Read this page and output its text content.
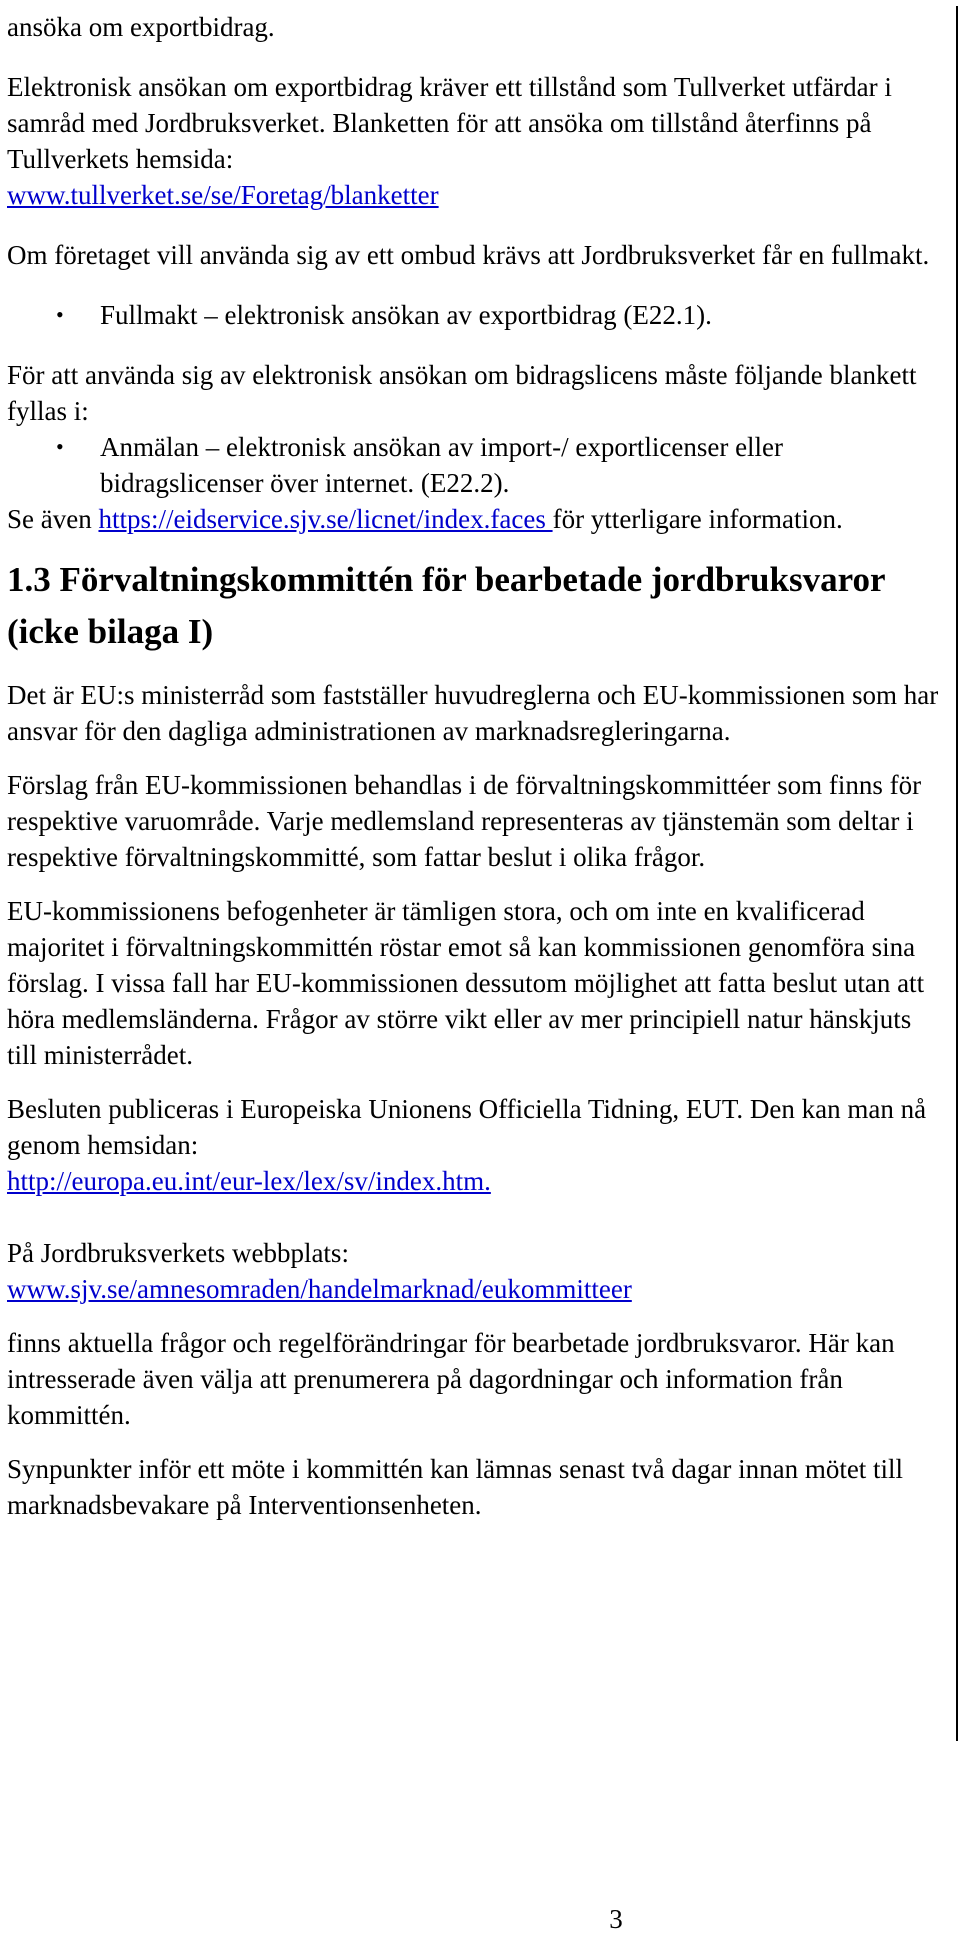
ansöka om exportbidrag.

Elektronisk ansökan om exportbidrag kräver ett tillstånd som Tullverket utfärdar i samråd med Jordbruksverket. Blanketten för att ansöka om tillstånd återfinns på Tullverkets hemsida:
www.tullverket.se/se/Foretag/blanketter

Om företaget vill använda sig av ett ombud krävs att Jordbruksverket får en fullmakt.

• Fullmakt – elektronisk ansökan av exportbidrag (E22.1).

För att använda sig av elektronisk ansökan om bidragslicens måste följande blankett fyllas i:

• Anmälan – elektronisk ansökan av import-/ exportlicenser eller bidragslicenser över internet. (E22.2).

Se även https://eidservice.sjv.se/licnet/index.faces för ytterligare information.

1.3 Förvaltningskommittén för bearbetade jordbruksvaror (icke bilaga I)

Det är EU:s ministerråd som fastställer huvudreglerna och EU-kommissionen som har ansvar för den dagliga administrationen av marknadsregleringarna.

Förslag från EU-kommissionen behandlas i de förvaltningskommittéer som finns för respektive varuområde. Varje medlemsland representeras av tjänstemän som deltar i respektive förvaltningskommitté, som fattar beslut i olika frågor.

EU-kommissionens befogenheter är tämligen stora, och om inte en kvalificerad majoritet i förvaltningskommittén röstar emot så kan kommissionen genomföra sina förslag. I vissa fall har EU-kommissionen dessutom möjlighet att fatta beslut utan att höra medlemsländerna. Frågor av större vikt eller av mer principiell natur hänskjuts till ministerrådet.

Besluten publiceras i Europeiska Unionens Officiella Tidning, EUT. Den kan man nå genom hemsidan:
http://europa.eu.int/eur-lex/lex/sv/index.htm.

På Jordbruksverkets webbplats:
www.sjv.se/amnesomraden/handelmarknad/eukommitteer

finns aktuella frågor och regelförändringar för bearbetade jordbruksvaror. Här kan intresserade även välja att prenumerera på dagordningar och information från kommittén.

Synpunkter inför ett möte i kommittén kan lämnas senast två dagar innan mötet till marknadsbevakare på Interventionsenheten.

3
